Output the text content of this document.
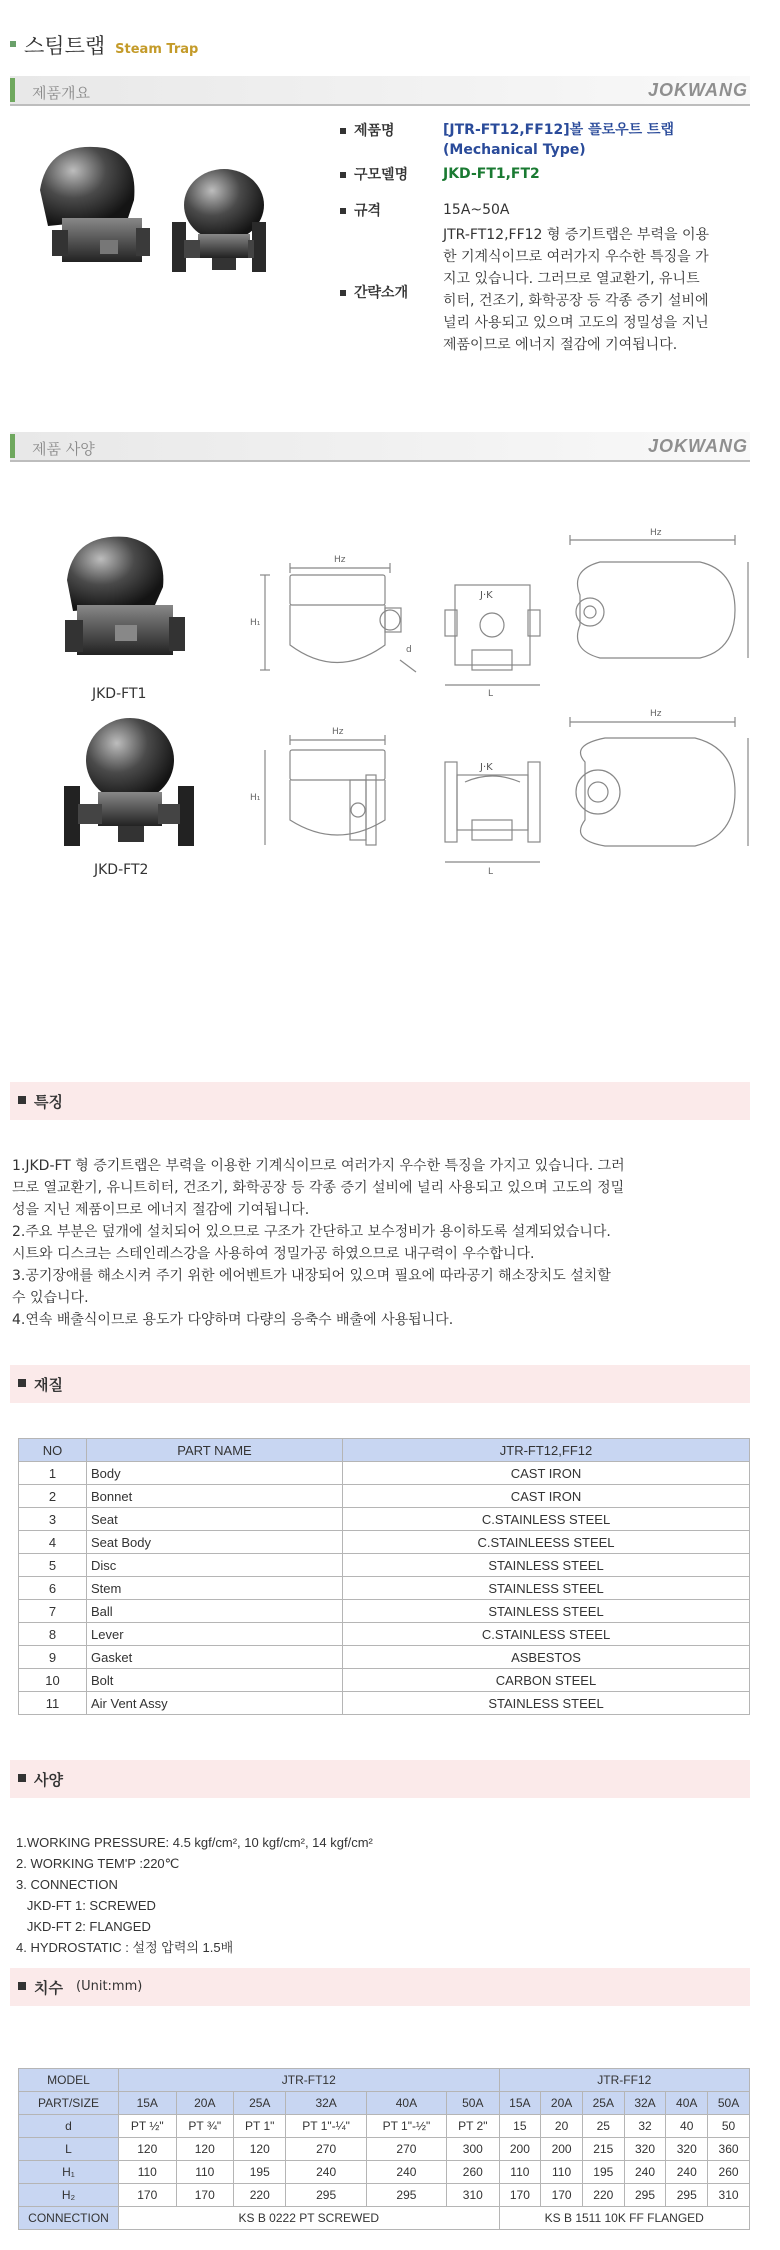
스팀트랩 Steam Trap
제품개요	JOKWANG
제품명	[JTR-FT12,FF12]볼 플로우트 트랩
(Mechanical Type)
구모델명	JKD-FT1,FT2
규격	15A~50A
간략소개
JTR-FT12,FF12 형 증기트랩은 부력을 이용
한 기계식이므로 여러가지 우수한 특징을 가
지고 있습니다. 그러므로 열교환기, 유니트
히터, 건조기, 화학공장 등 각종 증기 설비에
널리 사용되고 있으며 고도의 정밀성을 지닌
제품이므로 에너지 절감에 기여됩니다.
제품 사양	JOKWANG
JKD-FT1
JKD-FT2
Hz
H₁
d
J·K
L
Hz
Hz
H₁
J·K
L
Hz
특징
1.JKD-FT 형 증기트랩은 부력을 이용한 기계식이므로 여러가지 우수한 특징을 가지고 있습니다. 그러
므로 열교환기, 유니트히터, 건조기, 화학공장 등 각종 증기 설비에 널리 사용되고 있으며 고도의 정밀
성을 지닌 제품이므로 에너지 절감에 기여됩니다.
2.주요 부분은 덮개에 설치되어 있으므로 구조가 간단하고 보수정비가 용이하도록 설계되었습니다.
시트와 디스크는 스테인레스강을 사용하여 정밀가공 하였으므로 내구력이 우수합니다.
3.공기장애를 해소시켜 주기 위한 에어벤트가 내장되어 있으며 필요에 따라공기 해소장치도 설치할
수 있습니다.
4.연속 배출식이므로 용도가 다양하며 다량의 응축수 배출에 사용됩니다.
재질
NO	PART NAME	JTR-FT12,FF12
1	Body	CAST IRON
2	Bonnet	CAST IRON
3	Seat	C.STAINLESS STEEL
4	Seat Body	C.STAINLEESS STEEL
5	Disc	STAINLESS STEEL
6	Stem	STAINLESS STEEL
7	Ball	STAINLESS STEEL
8	Lever	C.STAINLESS STEEL
9	Gasket	ASBESTOS
10	Bolt	CARBON STEEL
11	Air Vent Assy	STAINLESS STEEL
사양
1.WORKING PRESSURE: 4.5 kgf/cm², 10 kgf/cm², 14 kgf/cm²
2. WORKING TEM'P :220℃
3. CONNECTION
JKD-FT 1: SCREWED
JKD-FT 2: FLANGED
4. HYDROSTATIC : 설정 압력의 1.5배
치수 (Unit:mm)
MODEL	JTR-FT12						JTR-FF12					
PART/SIZE	15A	20A	25A	32A	40A	50A	15A	20A	25A	32A	40A	50A
d	PT ½"	PT ¾"	PT 1"	PT 1"-¼"	PT 1"-½"	PT 2"	15	20	25	32	40	50
L	120	120	120	270	270	300	200	200	215	320	320	360
H₁	110	110	195	240	240	260	110	110	195	240	240	260
H₂	170	170	220	295	295	310	170	170	220	295	295	310
CONNECTION	KS B 0222 PT SCREWED						KS B 1511 10K FF FLANGED					
